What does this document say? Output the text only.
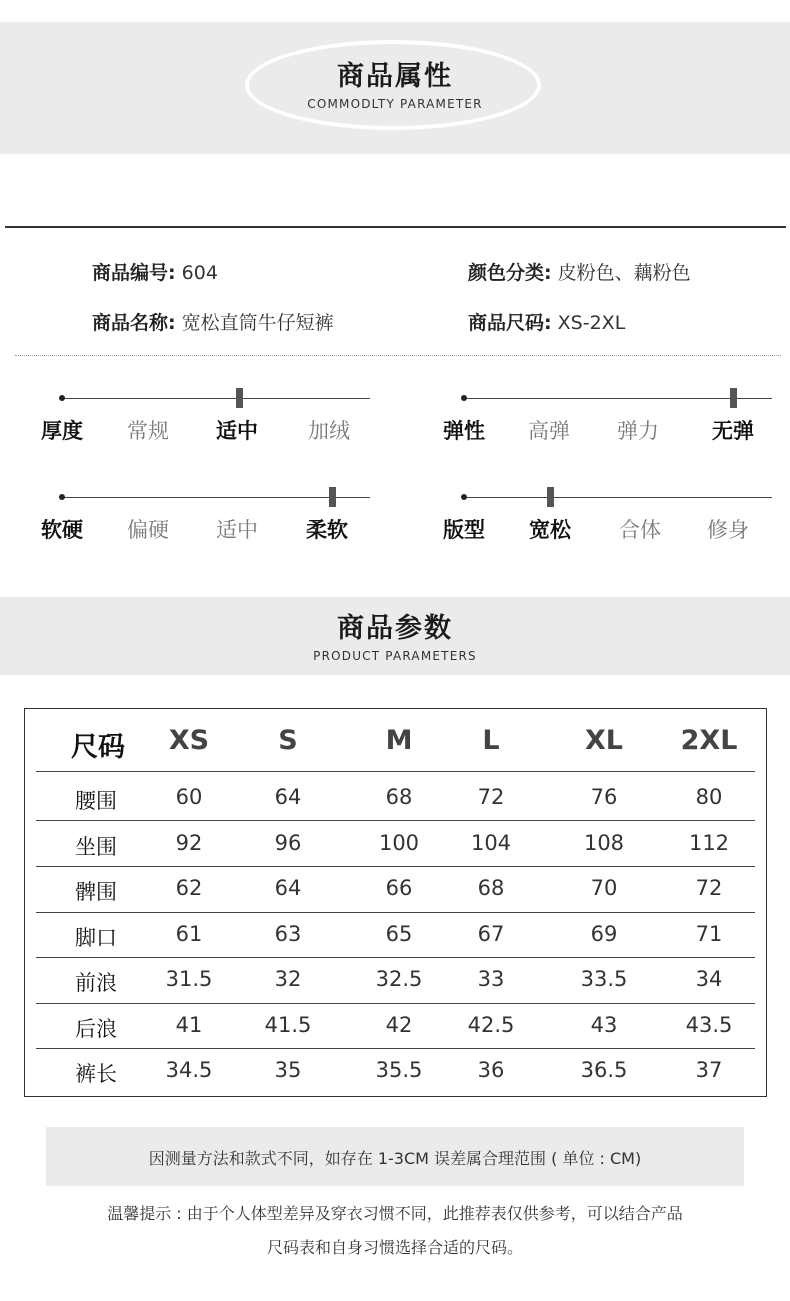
商品属性
COMMODLTY PARAMETER
商品编号: 604	颜色分类: 皮粉色、藕粉色
商品名称: 宽松直筒牛仔短裤	商品尺码: XS-2XL
厚度	常规	适中	加绒	弹性	高弹	弹力	无弹
软硬	偏硬	适中	柔软	版型	宽松	合体	修身
商品参数
PRODUCT PARAMETERS
尺码	XS	S	M	L	XL	2XL
腰围	60	64	68	72	76	80
坐围	92	96	100	104	108	112
髀围	62	64	66	68	70	72
脚口	61	63	65	67	69	71
前浪	31.5	32	32.5	33	33.5	34
后浪	41	41.5	42	42.5	43	43.5
裤长	34.5	35	35.5	36	36.5	37
因测量方法和款式不同，如存在 1-3CM 误差属合理范围 ( 单位 : CM)
温馨提示 : 由于个人体型差异及穿衣习惯不同，此推荐表仅供参考，可以结合产品
尺码表和自身习惯选择合适的尺码。
